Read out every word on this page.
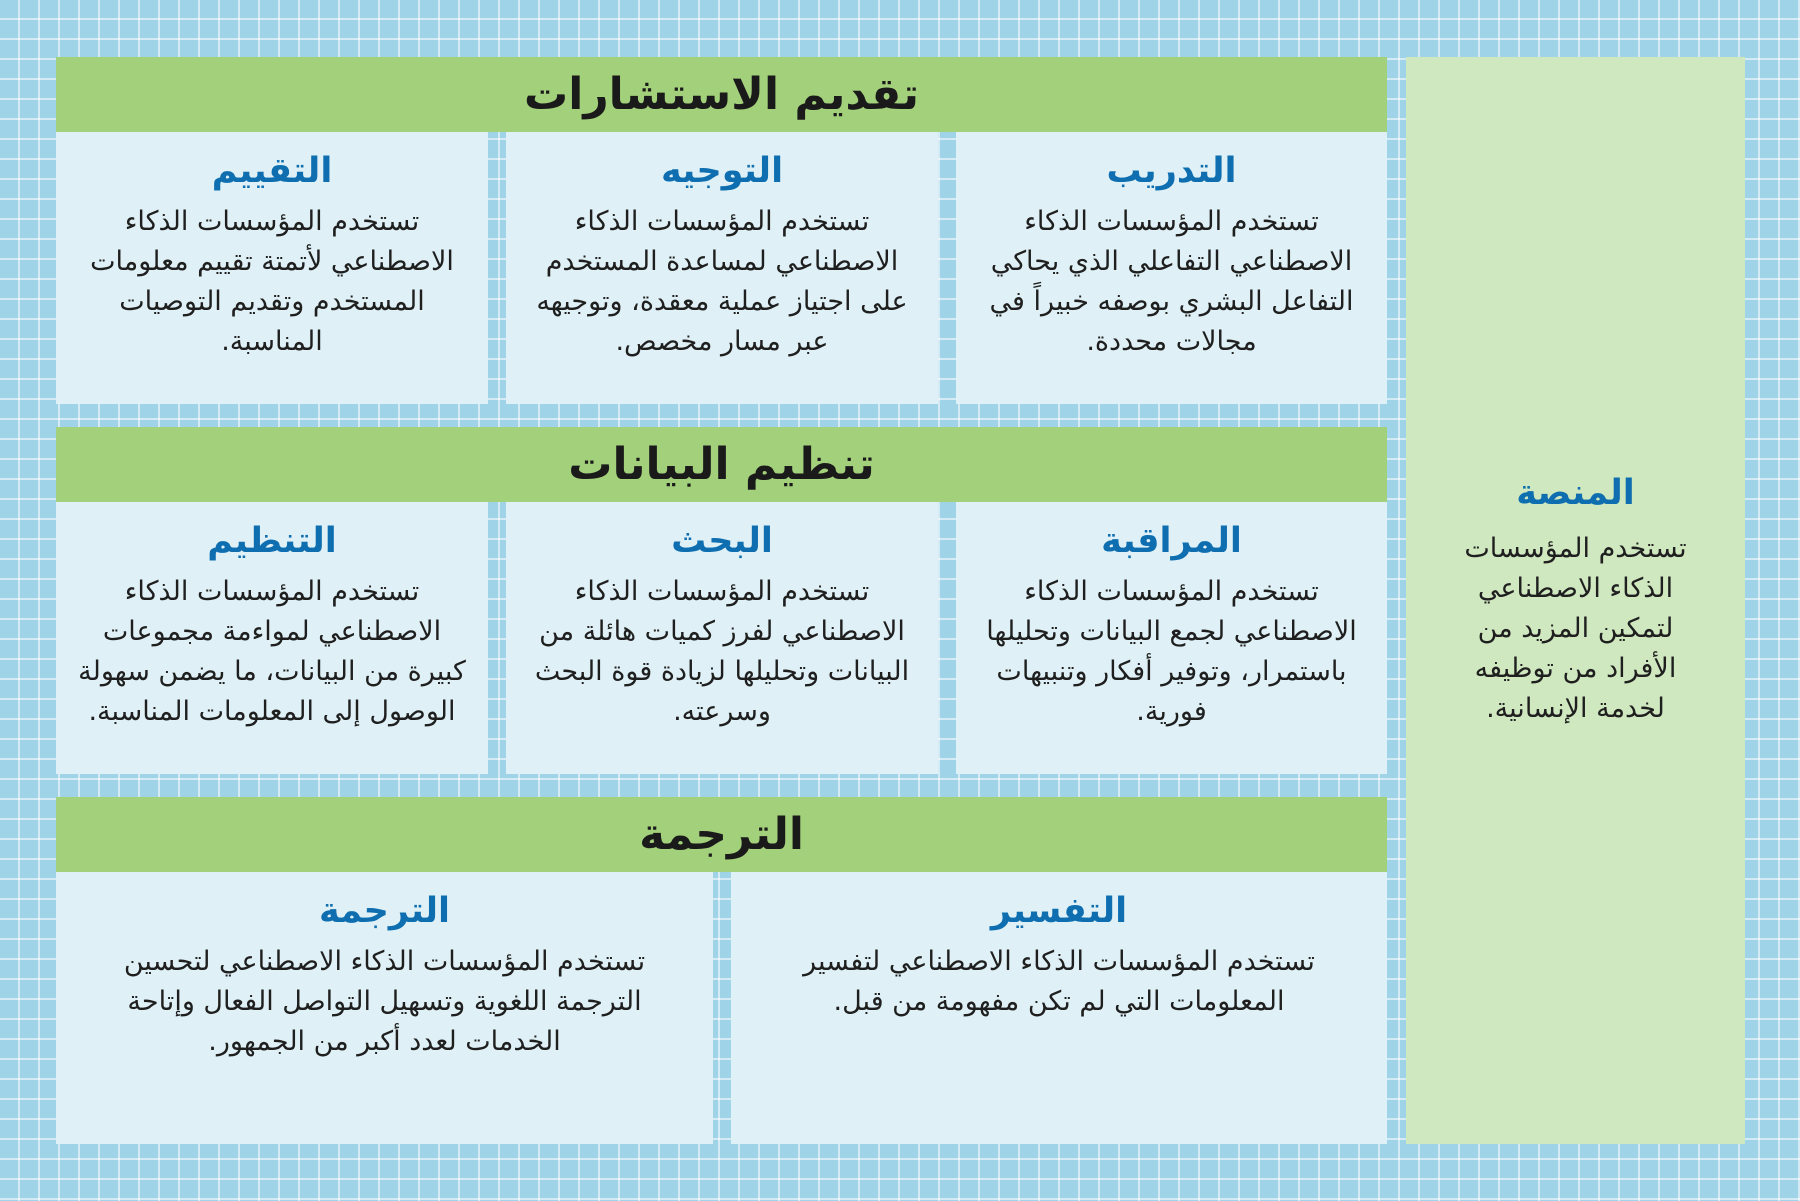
تقديم الاستشارات
التدريب
تستخدم المؤسسات الذكاء الاصطناعي التفاعلي الذي يحاكي التفاعل البشري بوصفه خبيراً في مجالات محددة.
التوجيه
تستخدم المؤسسات الذكاء الاصطناعي لمساعدة المستخدم على اجتياز عملية معقدة، وتوجيهه عبر مسار مخصص.
التقييم
تستخدم المؤسسات الذكاء الاصطناعي لأتمتة تقييم معلومات المستخدم وتقديم التوصيات المناسبة.
تنظيم البيانات
المراقبة
تستخدم المؤسسات الذكاء الاصطناعي لجمع البيانات وتحليلها باستمرار، وتوفير أفكار وتنبيهات فورية.
البحث
تستخدم المؤسسات الذكاء الاصطناعي لفرز كميات هائلة من البيانات وتحليلها لزيادة قوة البحث وسرعته.
التنظيم
تستخدم المؤسسات الذكاء الاصطناعي لمواءمة مجموعات كبيرة من البيانات، ما يضمن سهولة الوصول إلى المعلومات المناسبة.
الترجمة
التفسير
تستخدم المؤسسات الذكاء الاصطناعي لتفسير المعلومات التي لم تكن مفهومة من قبل.
الترجمة
تستخدم المؤسسات الذكاء الاصطناعي لتحسين الترجمة اللغوية وتسهيل التواصل الفعال وإتاحة الخدمات لعدد أكبر من الجمهور.
المنصة
تستخدم المؤسسات الذكاء الاصطناعي لتمكين المزيد من الأفراد من توظيفه لخدمة الإنسانية.
